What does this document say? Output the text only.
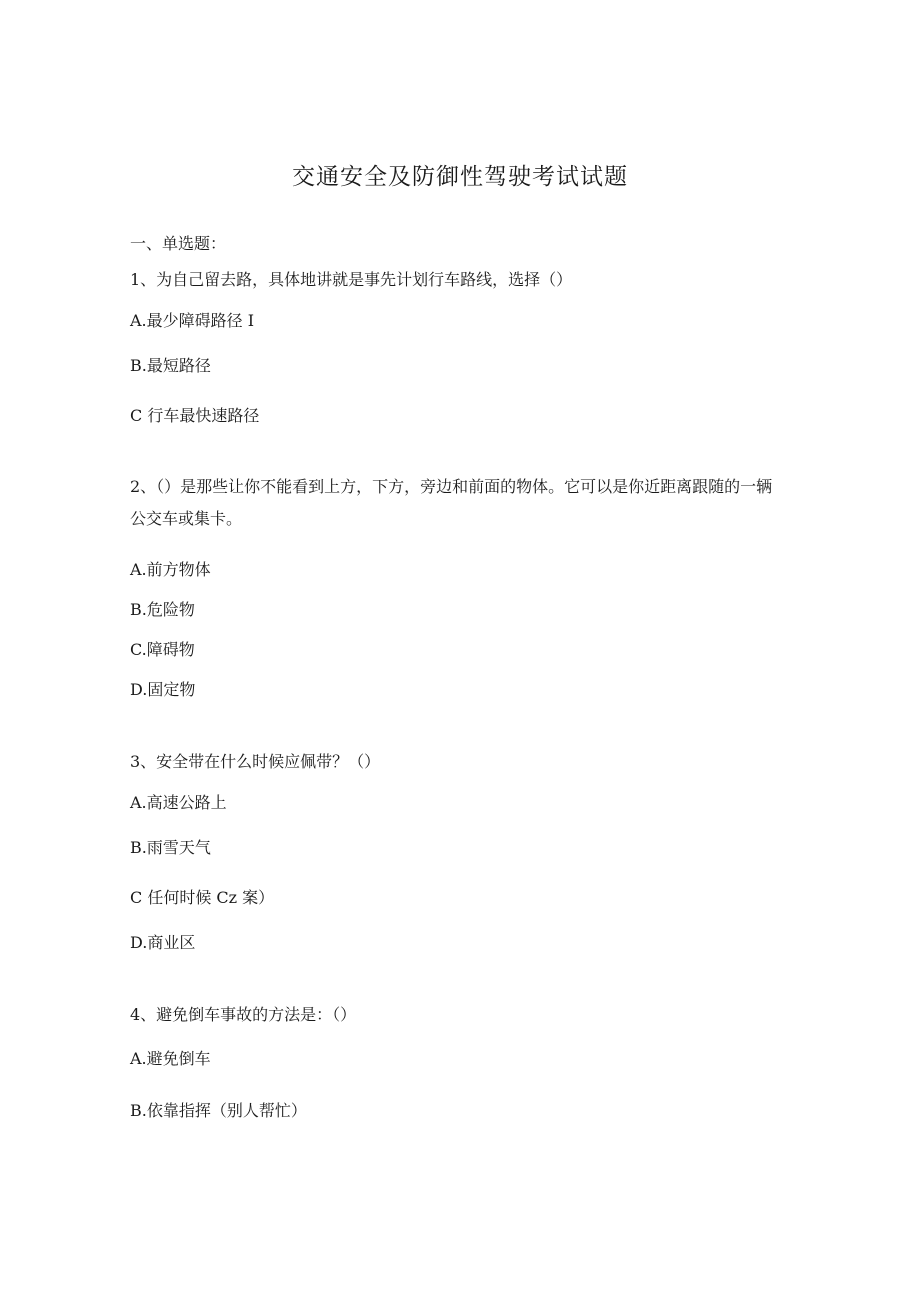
交通安全及防御性驾驶考试试题
一、单选题：
1、为自己留去路，具体地讲就是事先计划行车路线，选择（）
A.最少障碍路径 I
B.最短路径
C 行车最快速路径
2、（）是那些让你不能看到上方，下方，旁边和前面的物体。它可以是你近距离跟随的一辆公交车或集卡。
A.前方物体
B.危险物
C.障碍物
D.固定物
3、安全带在什么时候应佩带？（）
A.高速公路上
B.雨雪天气
C 任何时候 Cz 案）
D.商业区
4、避免倒车事故的方法是：（）
A.避免倒车
B.依靠指挥（别人帮忙）
